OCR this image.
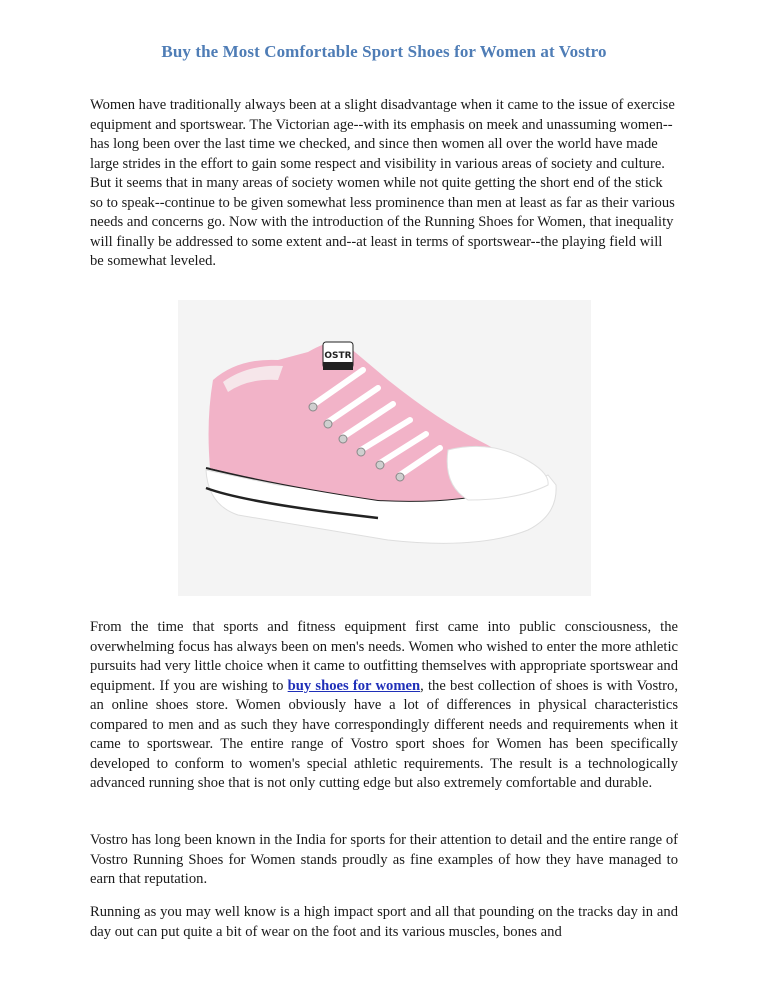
Buy the Most Comfortable Sport Shoes for Women at Vostro

Women have traditionally always been at a slight disadvantage when it came to the issue of exercise equipment and sportswear. The Victorian age--with its emphasis on meek and unassuming women--has long been over the last time we checked, and since then women all over the world have made large strides in the effort to gain some respect and visibility in various areas of society and culture. But it seems that in many areas of society women while not quite getting the short end of the stick so to speak--continue to be given somewhat less prominence than men at least as far as their various needs and concerns go. Now with the introduction of the Running Shoes for Women, that inequality will finally be addressed to some extent and--at least in terms of sportswear--the playing field will be somewhat leveled.

OSTR

From the time that sports and fitness equipment first came into public consciousness, the overwhelming focus has always been on men's needs. Women who wished to enter the more athletic pursuits had very little choice when it came to outfitting themselves with appropriate sportswear and equipment. If you are wishing to buy shoes for women, the best collection of shoes is with Vostro, an online shoes store. Women obviously have a lot of differences in physical characteristics compared to men and as such they have correspondingly different needs and requirements when it came to sportswear. The entire range of Vostro sport shoes for Women has been specifically developed to conform to women's special athletic requirements. The result is a technologically advanced running shoe that is not only cutting edge but also extremely comfortable and durable.

Vostro has long been known in the India for sports for their attention to detail and the entire range of Vostro Running Shoes for Women stands proudly as fine examples of how they have managed to earn that reputation.

Running as you may well know is a high impact sport and all that pounding on the tracks day in and day out can put quite a bit of wear on the foot and its various muscles, bones and
